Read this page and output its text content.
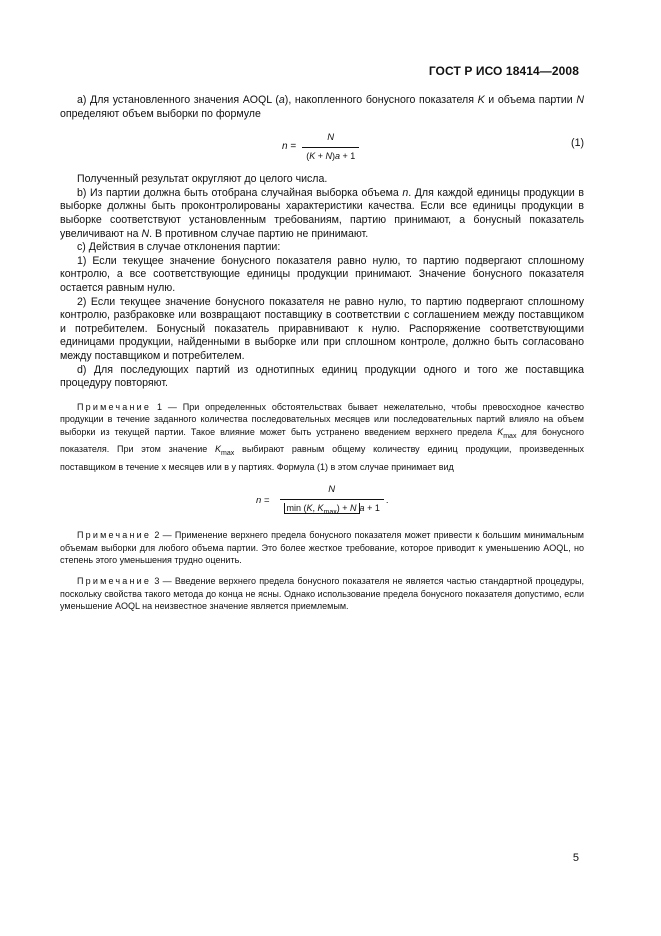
ГОСТ Р ИСО 18414—2008

а) Для установленного значения AOQL (a), накопленного бонусного показателя K и объема партии N определяют объем выборки по формуле

$n = \frac{N}{(K + N)a + 1}$	(1)

Полученный результат округляют до целого числа.

b) Из партии должна быть отобрана случайная выборка объема n. Для каждой единицы продукции в выборке должны быть проконтролированы характеристики качества. Если все единицы продукции в выборке соответствуют установленным требованиям, партию принимают, а бонусный показатель увеличивают на N. В противном случае партию не принимают.

с) Действия в случае отклонения партии:

1) Если текущее значение бонусного показателя равно нулю, то партию подвергают сплошному контролю, а все соответствующие единицы продукции принимают. Значение бонусного показателя остается равным нулю.

2) Если текущее значение бонусного показателя не равно нулю, то партию подвергают сплошному контролю, разбраковке или возвращают поставщику в соответствии с соглашением между поставщиком и потребителем. Бонусный показатель приравнивают к нулю. Распоряжение соответствующими единицами продукции, найденными в выборке или при сплошном контроле, должно быть согласовано между поставщиком и потребителем.

d) Для последующих партий из однотипных единиц продукции одного и того же поставщика процедуру повторяют.

Примечание 1 — При определенных обстоятельствах бывает нежелательно, чтобы превосходное качество продукции в течение заданного количества последовательных месяцев или последовательных партий влияло на объем выборки из текущей партии. Такое влияние может быть устранено введением верхнего предела $K_{max}$ для бонусного показателя. При этом значение $K_{max}$ выбирают равным общему количеству единиц продукции, произведенных поставщиком в течение x месяцев или в y партиях. Формула (1) в этом случае принимает вид

$n = \frac{N}{\min (K, K_{max}) + N a + 1}$ .

Примечание 2 — Применение верхнего предела бонусного показателя может привести к большим минимальным объемам выборки для любого объема партии. Это более жесткое требование, которое приводит к уменьшению AOQL, но степень этого уменьшения трудно оценить.

Примечание 3 — Введение верхнего предела бонусного показателя не является частью стандартной процедуры, поскольку свойства такого метода до конца не ясны. Однако использование предела бонусного показателя допустимо, если уменьшение AOQL на неизвестное значение является приемлемым.

5
